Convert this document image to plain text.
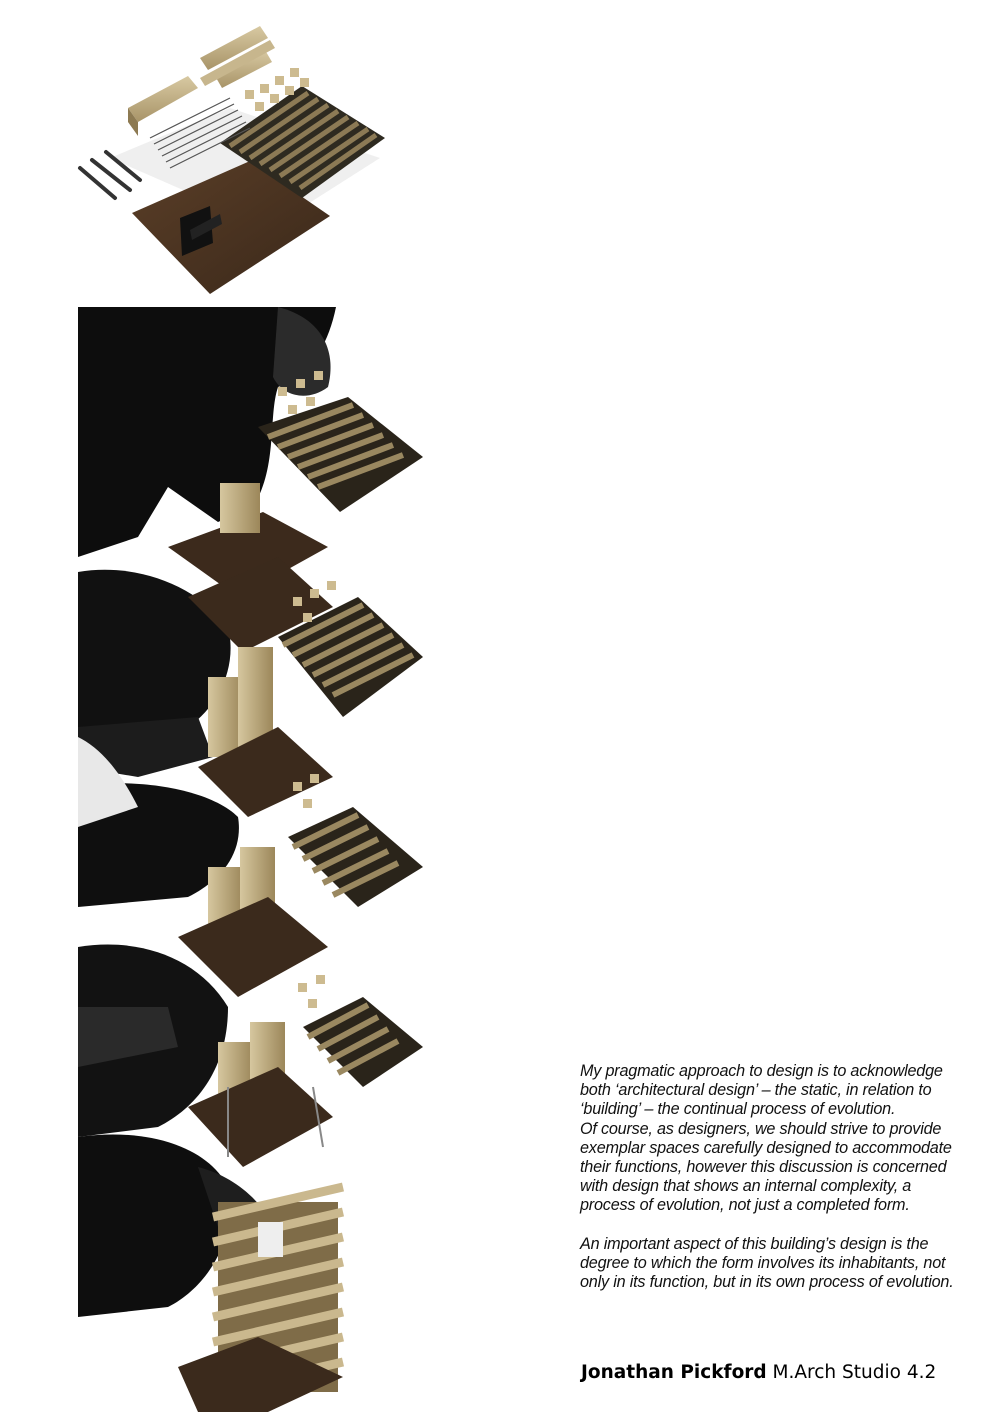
My pragmatic approach to design is to acknowledge both ‘architectural design’ – the static, in relation to ‘building’ – the continual process of evolution.

Of course, as designers, we should strive to provide exemplar spaces carefully designed to accommodate their functions, however this discussion is concerned with design that shows an internal complexity, a process of evolution, not just a completed form.

An important aspect of this building’s design is the degree to which the form involves its inhabitants, not only in its function, but in its own process of evolution.

Jonathan Pickford M.Arch Studio 4.2
